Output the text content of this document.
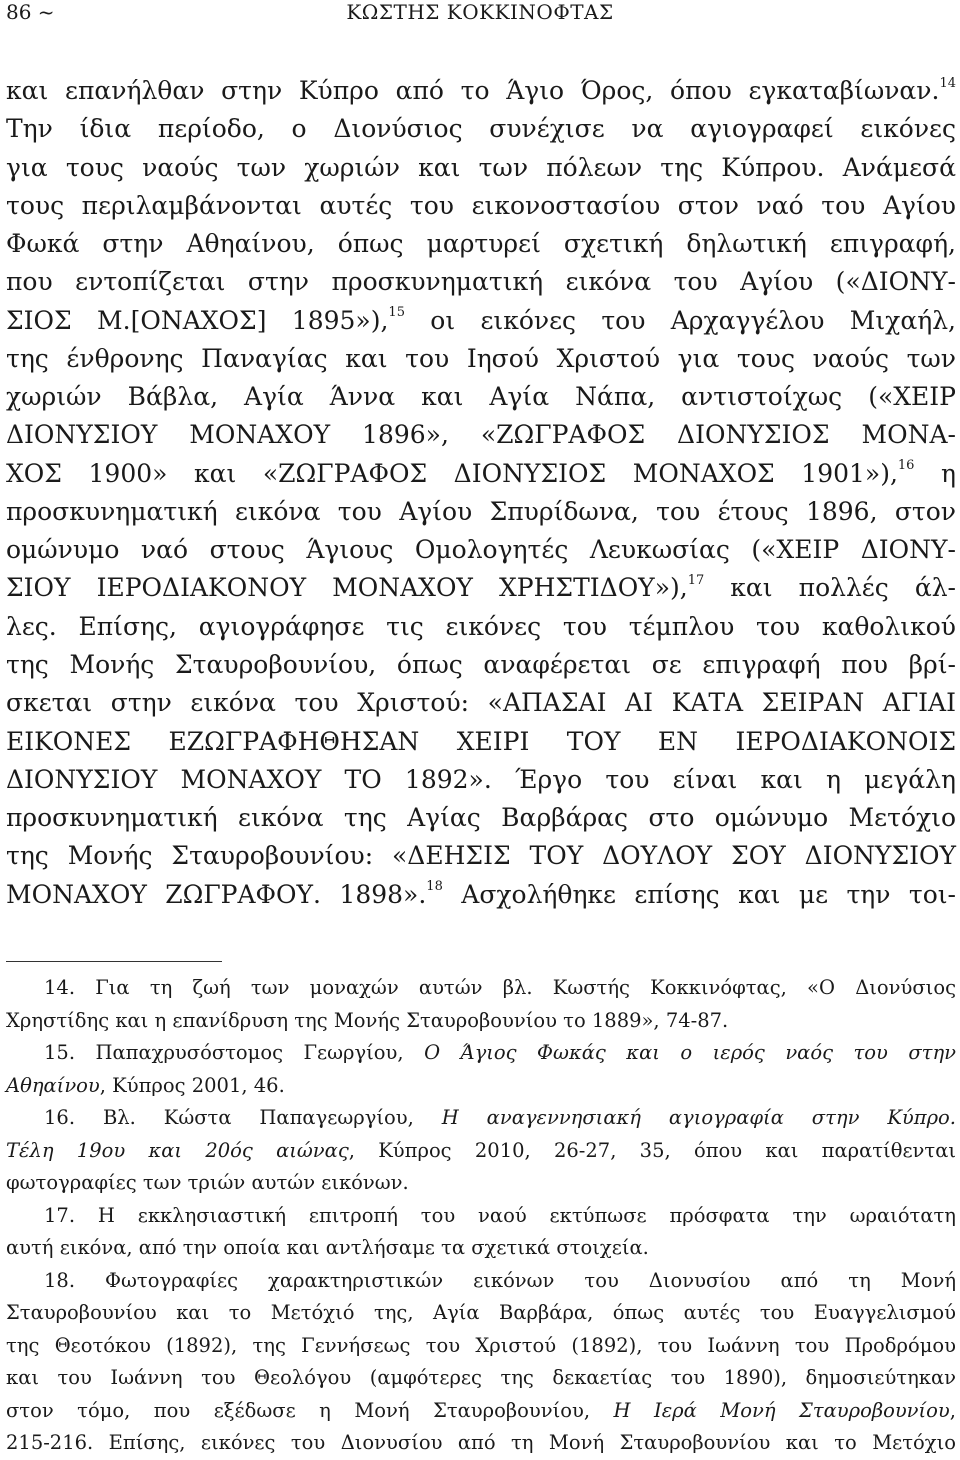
86 ~	ΚΩΣΤΗΣ ΚΟΚΚΙΝΟΦΤΑΣ
και επανήλθαν στην Κύπρο από το Άγιο Όρος, όπου εγκαταβίωναν.$^{14}$
Την ίδια περίοδο, ο Διονύσιος συνέχισε να αγιογραφεί εικόνες
για τους ναούς των χωριών και των πόλεων της Κύπρου. Ανάμεσά
τους περιλαμβάνονται αυτές του εικονοστασίου στον ναό του Αγίου
Φωκά στην Αθηαίνου, όπως μαρτυρεί σχετική δηλωτική επιγραφή,
που εντοπίζεται στην προσκυνηματική εικόνα του Αγίου («ΔΙΟΝΥ-
ΣΙΟΣ Μ.[ΟΝΑΧΟΣ] 1895»),$^{15}$ οι εικόνες του Αρχαγγέλου Μιχαήλ,
της ένθρονης Παναγίας και του Ιησού Χριστού για τους ναούς των
χωριών Βάβλα, Αγία Άννα και Αγία Νάπα, αντιστοίχως («ΧΕΙΡ
ΔΙΟΝΥΣΙΟΥ ΜΟΝΑΧΟΥ 1896», «ΖΩΓΡΑΦΟΣ ΔΙΟΝΥΣΙΟΣ ΜΟΝΑ-
ΧΟΣ 1900» και «ΖΩΓΡΑΦΟΣ ΔΙΟΝΥΣΙΟΣ ΜΟΝΑΧΟΣ 1901»),$^{16}$ η
προσκυνηματική εικόνα του Αγίου Σπυρίδωνα, του έτους 1896, στον
ομώνυμο ναό στους Άγιους Ομολογητές Λευκωσίας («ΧΕΙΡ ΔΙΟΝΥ-
ΣΙΟΥ ΙΕΡΟΔΙΑΚΟΝΟΥ ΜΟΝΑΧΟΥ ΧΡΗΣΤΙΔΟΥ»),$^{17}$ και πολλές άλ-
λες. Επίσης, αγιογράφησε τις εικόνες του τέμπλου του καθολικού
της Μονής Σταυροβουνίου, όπως αναφέρεται σε επιγραφή που βρί-
σκεται στην εικόνα του Χριστού: «ΑΠΑΣΑΙ ΑΙ ΚΑΤΑ ΣΕΙΡΑΝ ΑΓΙΑΙ
ΕΙΚΟΝΕΣ ΕΖΩΓΡΑΦΗΘΗΣΑΝ ΧΕΙΡΙ ΤΟΥ ΕΝ ΙΕΡΟΔΙΑΚΟΝΟΙΣ
ΔΙΟΝΥΣΙΟΥ ΜΟΝΑΧΟΥ ΤΟ 1892». Έργο του είναι και η μεγάλη
προσκυνηματική εικόνα της Αγίας Βαρβάρας στο ομώνυμο Μετόχιο
της Μονής Σταυροβουνίου: «ΔΕΗΣΙΣ ΤΟΥ ΔΟΥΛΟΥ ΣΟΥ ΔΙΟΝΥΣΙΟΥ
ΜΟΝΑΧΟΥ ΖΩΓΡΑΦΟΥ. 1898».$^{18}$ Ασχολήθηκε επίσης και με την τοι-
14. Για τη ζωή των μοναχών αυτών βλ. Κωστής Κοκκινόφτας, «Ο Διονύσιος
Χρηστίδης και η επανίδρυση της Μονής Σταυροβουνίου το 1889», 74-87.
15. Παπαχρυσόστομος Γεωργίου, Ο Άγιος Φωκάς και ο ιερός ναός του στην
Αθηαίνου, Κύπρος 2001, 46.
16. Βλ. Κώστα Παπαγεωργίου, Η αναγεννησιακή αγιογραφία στην Κύπρο.
Τέλη 19ου και 20ός αιώνας, Κύπρος 2010, 26-27, 35, όπου και παρατίθενται
φωτογραφίες των τριών αυτών εικόνων.
17. Η εκκλησιαστική επιτροπή του ναού εκτύπωσε πρόσφατα την ωραιότατη
αυτή εικόνα, από την οποία και αντλήσαμε τα σχετικά στοιχεία.
18. Φωτογραφίες χαρακτηριστικών εικόνων του Διονυσίου από τη Μονή
Σταυροβουνίου και το Μετόχιό της, Αγία Βαρβάρα, όπως αυτές του Ευαγγελισμού
της Θεοτόκου (1892), της Γεννήσεως του Χριστού (1892), του Ιωάννη του Προδρόμου
και του Ιωάννη του Θεολόγου (αμφότερες της δεκαετίας του 1890), δημοσιεύτηκαν
στον τόμο, που εξέδωσε η Μονή Σταυροβουνίου, Η Ιερά Μονή Σταυροβουνίου,
215-216. Επίσης, εικόνες του Διονυσίου από τη Μονή Σταυροβουνίου και το Μετόχιο
